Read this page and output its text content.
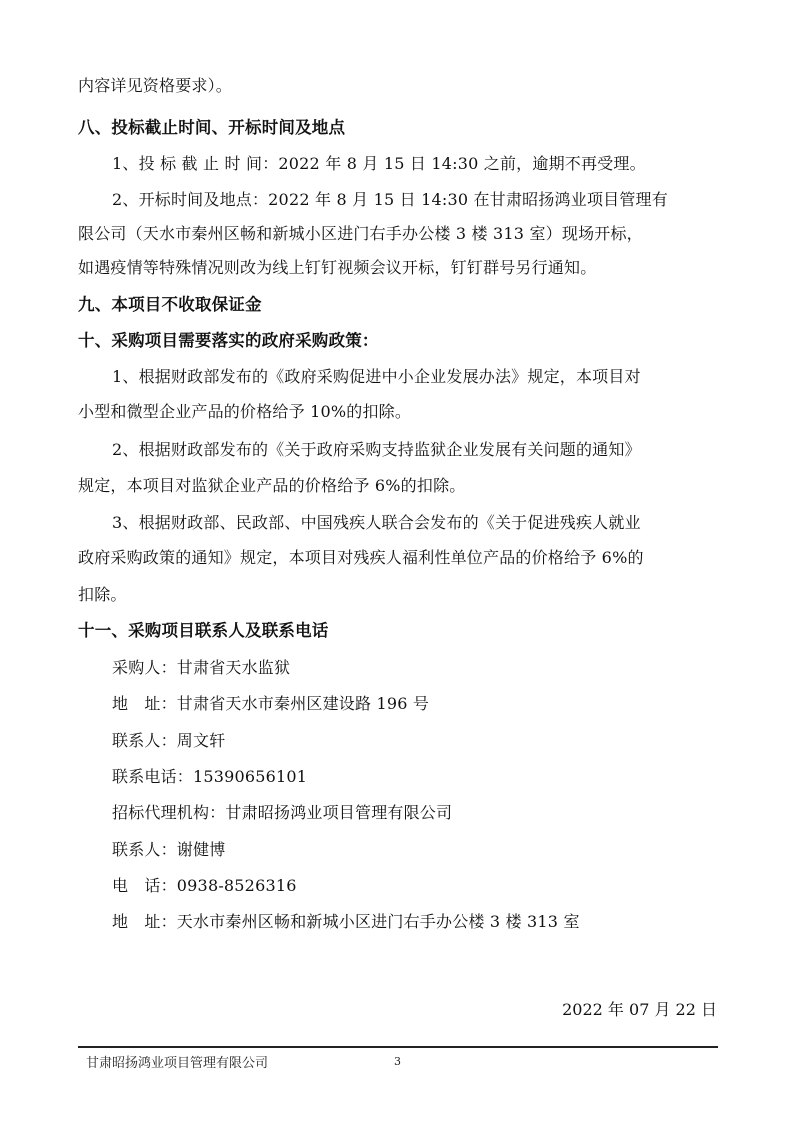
内容详见资格要求）。
八、投标截止时间、开标时间及地点
1、投 标 截 止 时 间：2022 年 8 月 15 日 14:30 之前，逾期不再受理。
2、开标时间及地点：2022 年 8 月 15 日 14:30 在甘肃昭扬鸿业项目管理有
限公司（天水市秦州区畅和新城小区进门右手办公楼 3 楼 313 室）现场开标，
如遇疫情等特殊情况则改为线上钉钉视频会议开标，钉钉群号另行通知。
九、本项目不收取保证金
十、采购项目需要落实的政府采购政策：
1、根据财政部发布的《政府采购促进中小企业发展办法》规定，本项目对
小型和微型企业产品的价格给予 10%的扣除。
2、根据财政部发布的《关于政府采购支持监狱企业发展有关问题的通知》
规定，本项目对监狱企业产品的价格给予 6%的扣除。
3、根据财政部、民政部、中国残疾人联合会发布的《关于促进残疾人就业
政府采购政策的通知》规定，本项目对残疾人福利性单位产品的价格给予 6%的
扣除。
十一、采购项目联系人及联系电话
采购人：甘肃省天水监狱
地　址：甘肃省天水市秦州区建设路 196 号
联系人：周文轩
联系电话：15390656101
招标代理机构：甘肃昭扬鸿业项目管理有限公司
联系人：谢健博
电　话：0938-8526316
地　址：天水市秦州区畅和新城小区进门右手办公楼 3 楼 313 室
2022 年 07 月 22 日
甘肃昭扬鸿业项目管理有限公司	3
